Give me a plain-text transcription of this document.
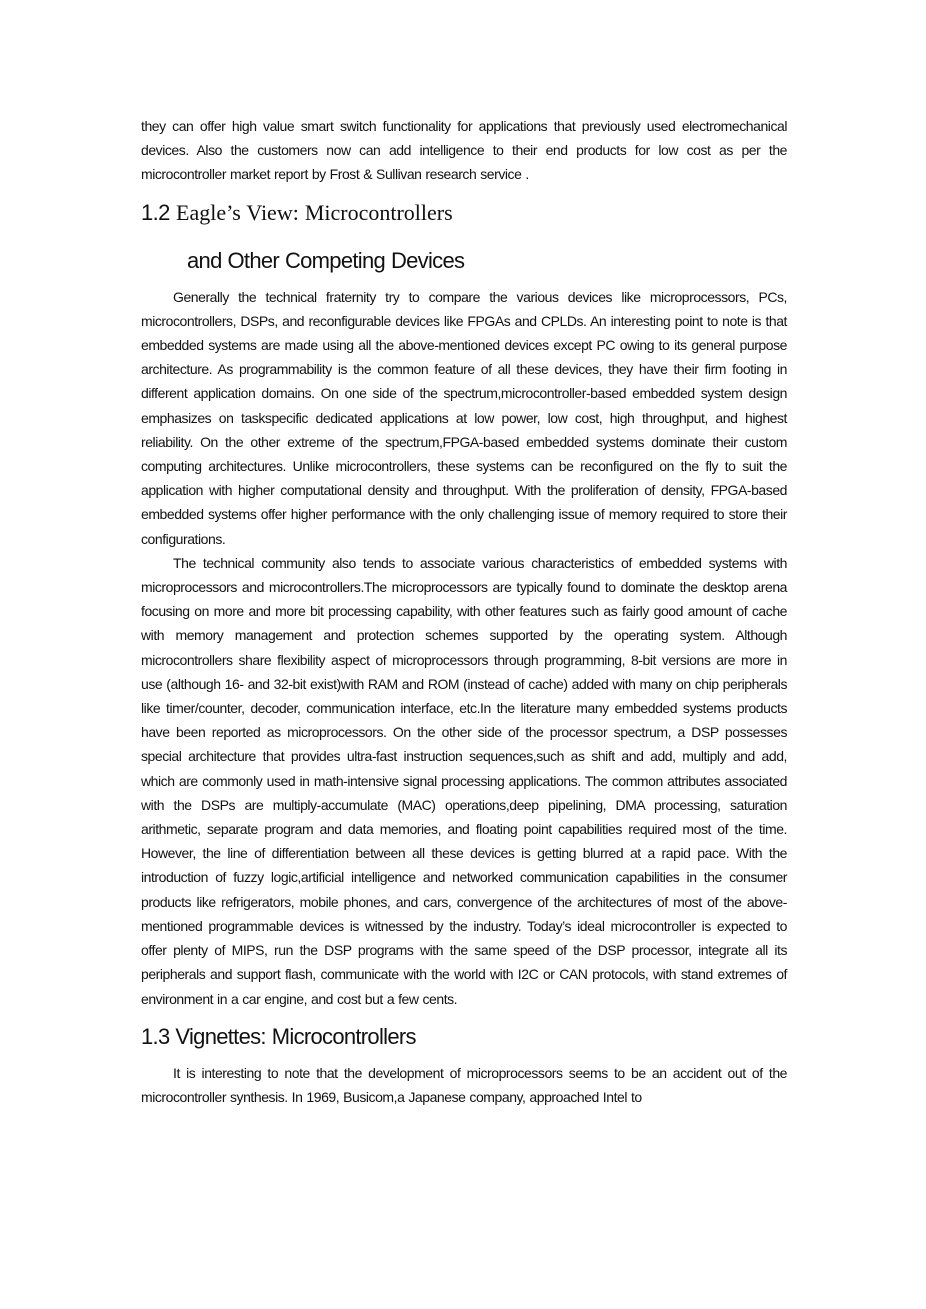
they can offer high value smart switch functionality for applications that previously used electromechanical devices. Also the customers now can add intelligence to their end products for low cost as per the microcontroller market report by Frost & Sullivan research service .

1.2 Eagle’s View: Microcontrollers
and Other Competing Devices

Generally the technical fraternity try to compare the various devices like microprocessors, PCs, microcontrollers, DSPs, and reconfigurable devices like FPGAs and CPLDs. An interesting point to note is that embedded systems are made using all the above-mentioned devices except PC owing to its general purpose architecture. As programmability is the common feature of all these devices, they have their firm footing in different application domains. On one side of the spectrum,microcontroller-based embedded system design emphasizes on taskspecific dedicated applications at low power, low cost, high throughput, and highest reliability. On the other extreme of the spectrum,FPGA-based embedded systems dominate their custom computing architectures. Unlike microcontrollers, these systems can be reconfigured on the fly to suit the application with higher computational density and throughput. With the proliferation of density, FPGA-based embedded systems offer higher performance with the only challenging issue of memory required to store their configurations.

The technical community also tends to associate various characteristics of embedded systems with microprocessors and microcontrollers.The microprocessors are typically found to dominate the desktop arena focusing on more and more bit processing capability, with other features such as fairly good amount of cache with memory management and protection schemes supported by the operating system. Although microcontrollers share flexibility aspect of microprocessors through programming, 8-bit versions are more in use (although 16- and 32-bit exist)with RAM and ROM (instead of cache) added with many on chip peripherals like timer/counter, decoder, communication interface, etc.In the literature many embedded systems products have been reported as microprocessors. On the other side of the processor spectrum, a DSP possesses special architecture that provides ultra-fast instruction sequences,such as shift and add, multiply and add, which are commonly used in math-intensive signal processing applications. The common attributes associated with the DSPs are multiply-accumulate (MAC) operations,deep pipelining, DMA processing, saturation arithmetic, separate program and data memories, and floating point capabilities required most of the time. However, the line of differentiation between all these devices is getting blurred at a rapid pace. With the introduction of fuzzy logic,artificial intelligence and networked communication capabilities in the consumer products like refrigerators, mobile phones, and cars, convergence of the architectures of most of the above-mentioned programmable devices is witnessed by the industry. Today’s ideal microcontroller is expected to offer plenty of MIPS, run the DSP programs with the same speed of the DSP processor, integrate all its peripherals and support flash, communicate with the world with I2C or CAN protocols, with stand extremes of environment in a car engine, and cost but a few cents.

1.3 Vignettes: Microcontrollers

It is interesting to note that the development of microprocessors seems to be an accident out of the microcontroller synthesis. In 1969, Busicom,a Japanese company, approached Intel to
